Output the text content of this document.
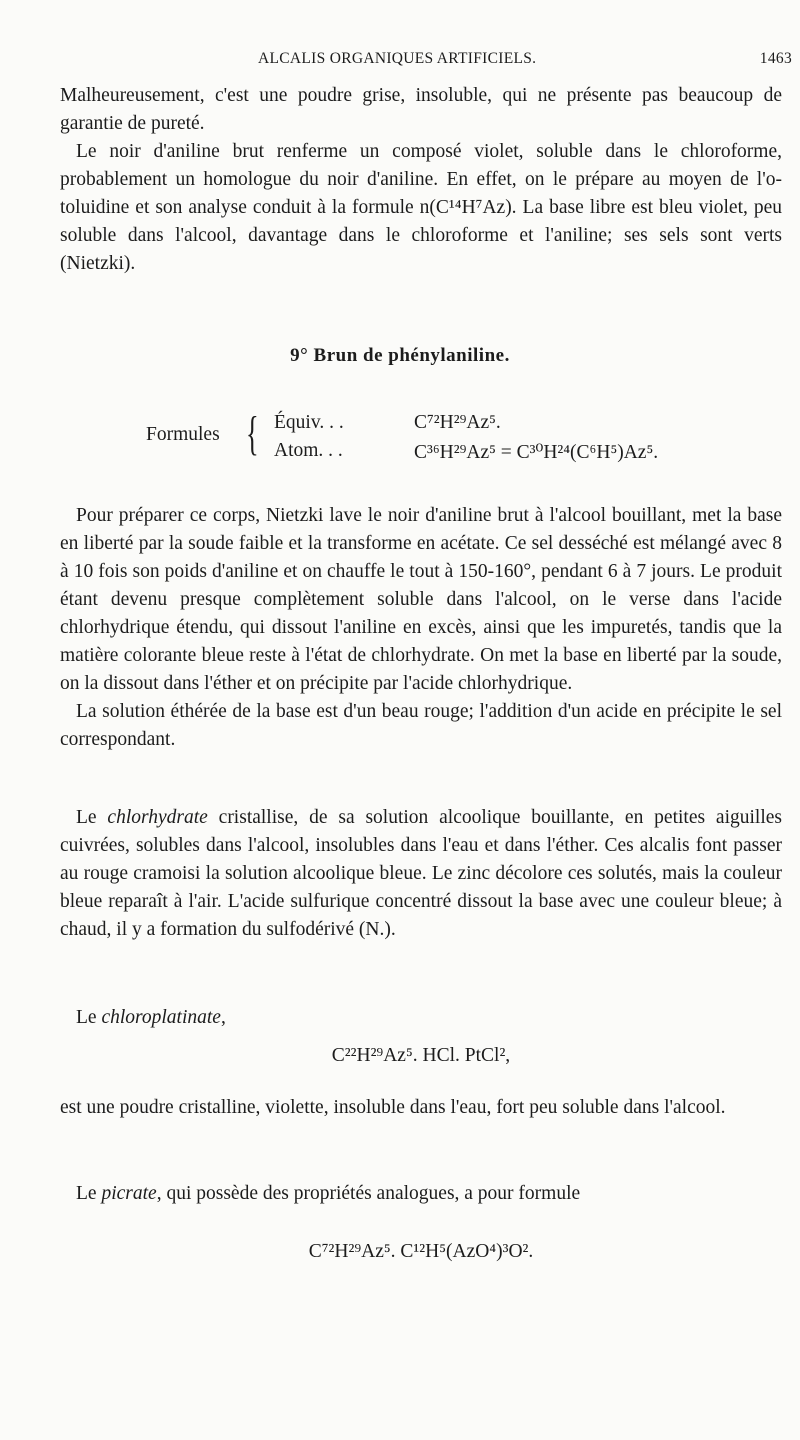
ALCALIS ORGANIQUES ARTIFICIELS.	1463

Malheureusement, c'est une poudre grise, insoluble, qui ne présente pas beaucoup de garantie de pureté.

Le noir d'aniline brut renferme un composé violet, soluble dans le chloroforme, probablement un homologue du noir d'aniline. En effet, on le prépare au moyen de l'o-toluidine et son analyse conduit à la formule n(C¹⁴H⁷Az). La base libre est bleu violet, peu soluble dans l'alcool, davantage dans le chloroforme et l'aniline; ses sels sont verts (Nietzki).

9° Brun de phénylaniline.
Formules { Équiv. . .	C⁷²H²⁹Az⁵.
Atom. . .	C³⁶H²⁹Az⁵ = C³⁰H²⁴(C⁶H⁵)Az⁵.

Pour préparer ce corps, Nietzki lave le noir d'aniline brut à l'alcool bouillant, met la base en liberté par la soude faible et la transforme en acétate. Ce sel desséché est mélangé avec 8 à 10 fois son poids d'aniline et on chauffe le tout à 150-160°, pendant 6 à 7 jours. Le produit étant devenu presque complètement soluble dans l'alcool, on le verse dans l'acide chlorhydrique étendu, qui dissout l'aniline en excès, ainsi que les impuretés, tandis que la matière colorante bleue reste à l'état de chlorhydrate. On met la base en liberté par la soude, on la dissout dans l'éther et on précipite par l'acide chlorhydrique.

La solution éthérée de la base est d'un beau rouge; l'addition d'un acide en précipite le sel correspondant.

Le chlorhydrate cristallise, de sa solution alcoolique bouillante, en petites aiguilles cuivrées, solubles dans l'alcool, insolubles dans l'eau et dans l'éther. Ces alcalis font passer au rouge cramoisi la solution alcoolique bleue. Le zinc décolore ces solutés, mais la couleur bleue reparaît à l'air. L'acide sulfurique concentré dissout la base avec une couleur bleue; à chaud, il y a formation du sulfodérivé (N.).

Le chloroplatinate,

C²²H²⁹Az⁵. HCl. PtCl²,

est une poudre cristalline, violette, insoluble dans l'eau, fort peu soluble dans l'alcool.

Le picrate, qui possède des propriétés analogues, a pour formule

C⁷²H²⁹Az⁵. C¹²H⁵(AzO⁴)³O².
